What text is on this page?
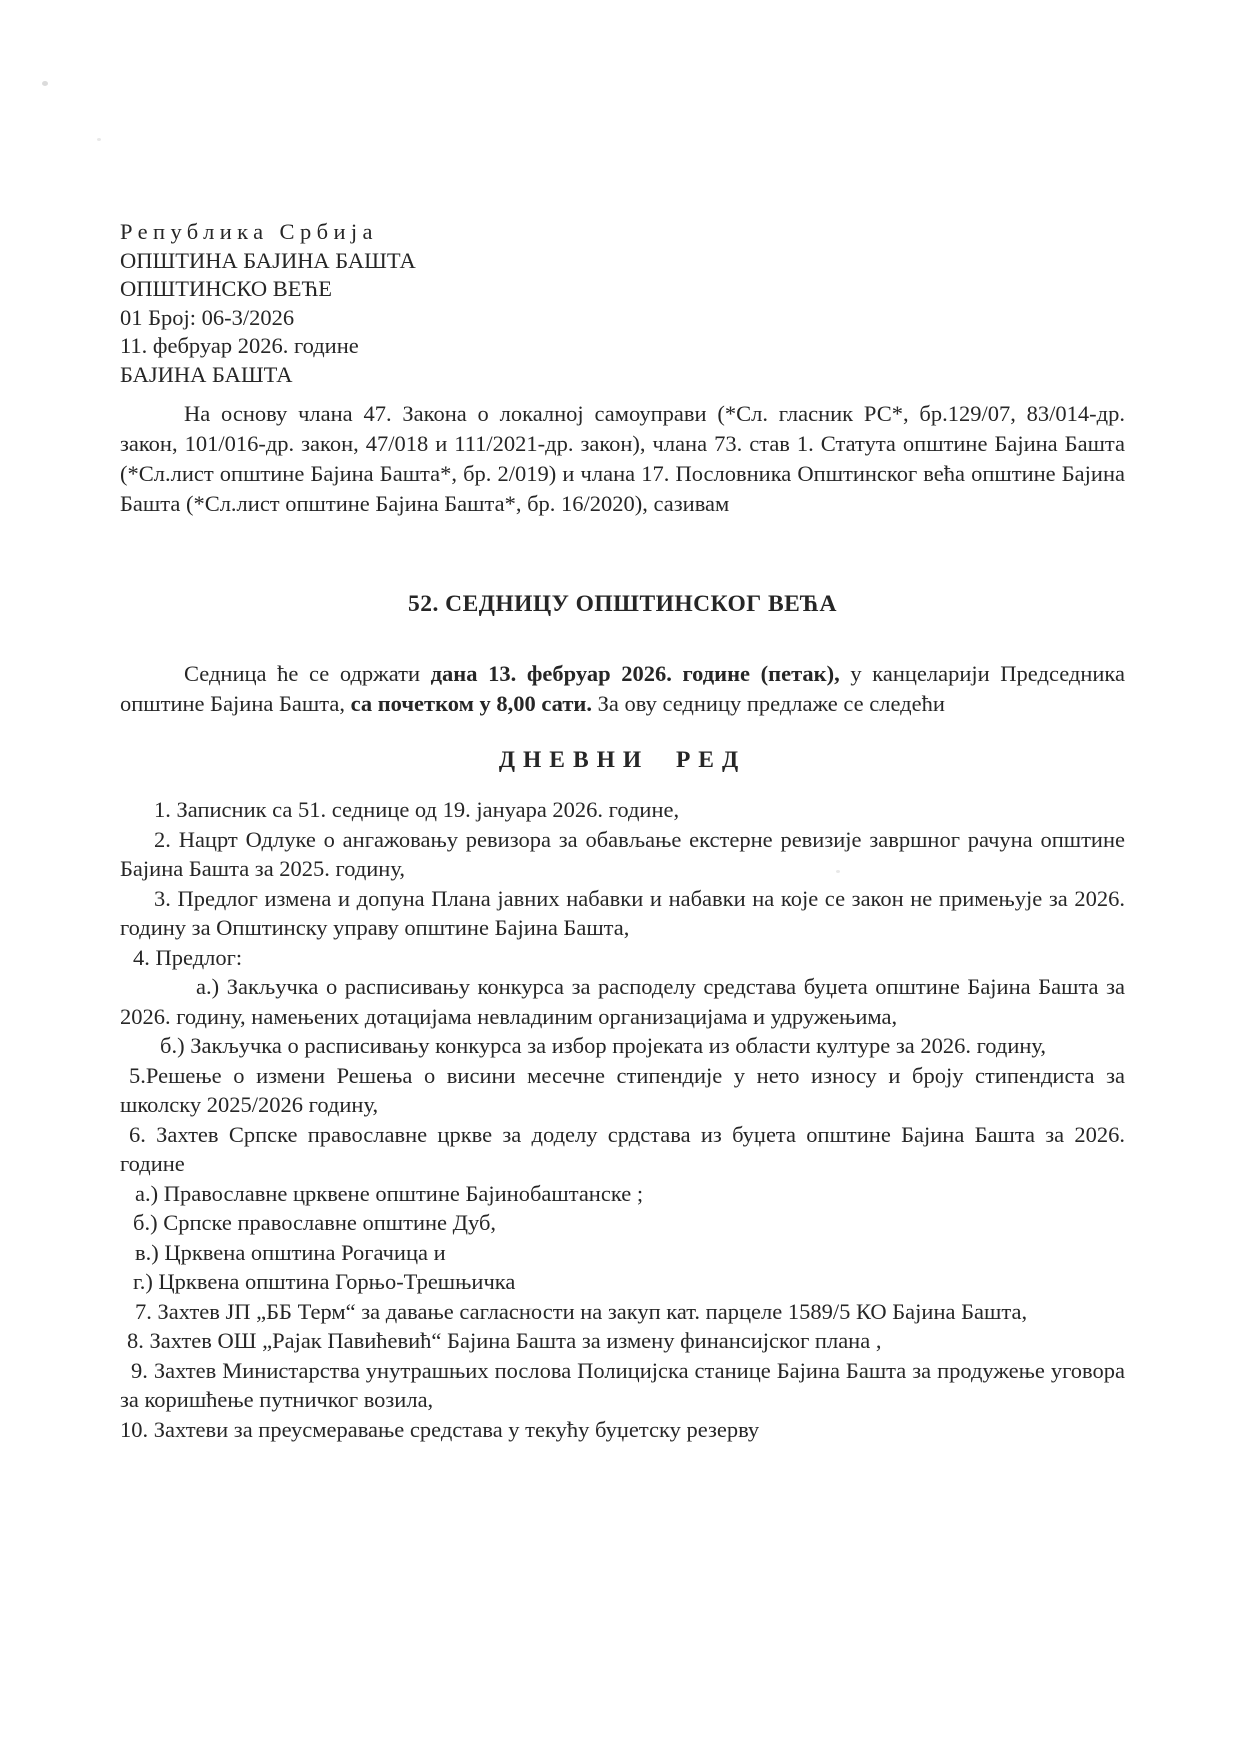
Република Србија
ОПШТИНА БАЈИНА БАШТА
ОПШТИНСКО ВЕЋЕ
01 Број: 06-3/2026
11. фебруар 2026. године
БАЈИНА БАШТА

На основу члана 47. Закона о локалној самоуправи (*Сл. гласник РС*, бр.129/07, 83/014-др. закон, 101/016-др. закон, 47/018 и 111/2021-др. закон), члана 73. став 1. Статута општине Бајина Башта (*Сл.лист општине Бајина Башта*, бр. 2/019) и члана 17. Пословника Општинског већа општине Бајина Башта (*Сл.лист општине Бајина Башта*, бр. 16/2020), сазивам

52. СЕДНИЦУ ОПШТИНСКОГ ВЕЋА

Седница ће се одржати дана 13. фебруар 2026. године (петак), у канцеларији Председника општине Бајина Башта, са почетком у 8,00 сати. За ову седницу предлаже се следећи

ДНЕВНИ РЕД

1. Записник са 51. седнице од 19. јануара 2026. године,

2. Нацрт Одлуке о ангажовању ревизора за обављање екстерне ревизије завршног рачуна општине Бајина Башта за 2025. годину,

3. Предлог измена и допуна Плана јавних набавки и набавки на које се закон не примењује за 2026. годину за Општинску управу општине Бајина Башта,

4. Предлог:

а.) Закључка о расписивању конкурса за расподелу средстава буџета општине Бајина Башта за 2026. годину, намењених дотацијама невладиним организацијама и удружењима,

б.) Закључка о расписивању конкурса за избор пројеката из области културе за 2026. годину,

5.Решење о измени Решења о висини месечне стипендије у нето износу и броју стипендиста за школску 2025/2026 годину,

6. Захтев Српске православне цркве за доделу срдстава из буџета општине Бајина Башта за 2026. године

а.) Православне црквене општине Бајинобаштанске ;

б.) Српске православне општине Дуб,

в.) Црквена општина Рогачица и

г.) Црквена општина Горњо-Трешњичка

7. Захтев ЈП „ББ Терм“ за давање сагласности на закуп кат. парцеле 1589/5 КО Бајина Башта,

8. Захтев ОШ „Рајак Павићевић“ Бајина Башта за измену финансијског плана ,

9. Захтев Министарства унутрашњих послова Полицијска станице Бајина Башта за продужење уговора за коришћење путничког возила,

10. Захтеви за преусмеравање средстава у текућу буџетску резерву
